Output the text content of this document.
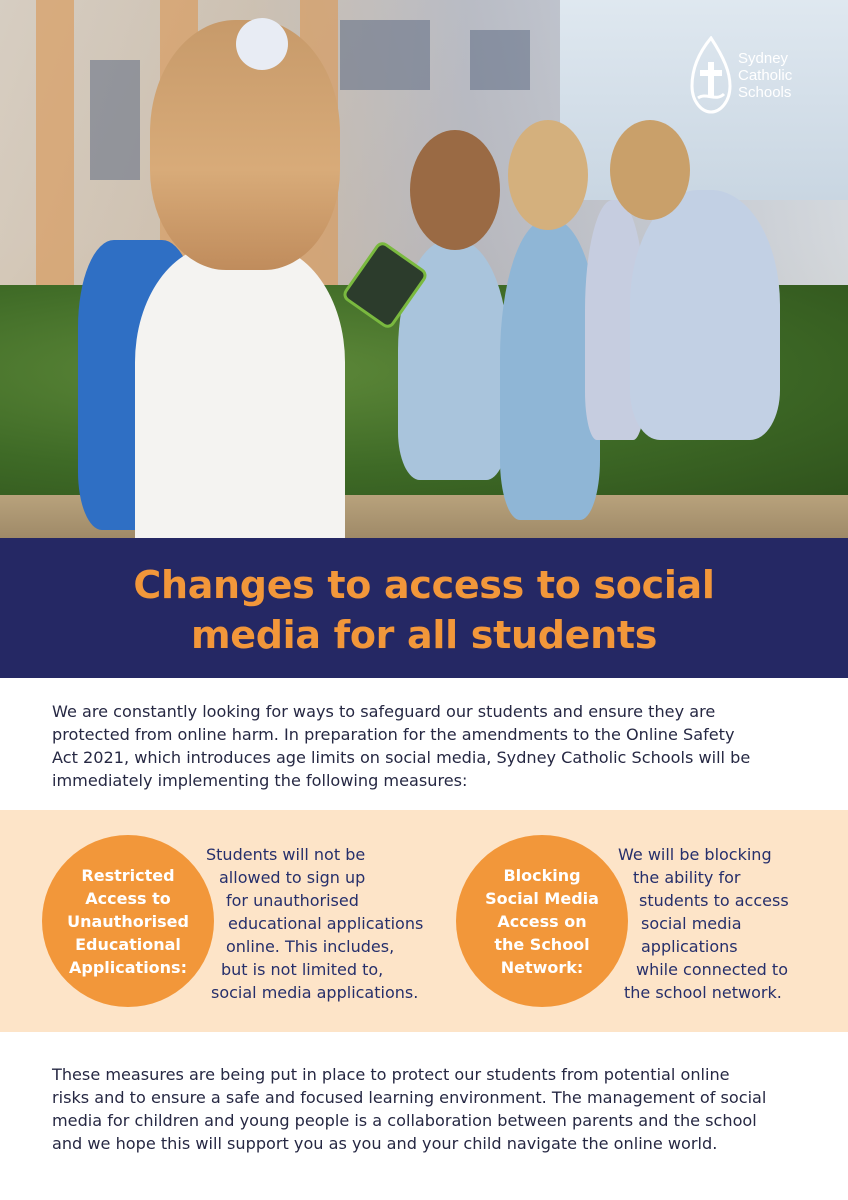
Sydney
Catholic
Schools
Changes to access to social
media for all students

We are constantly looking for ways to safeguard our students and ensure they are
protected from online harm. In preparation for the amendments to the Online Safety
Act 2021, which introduces age limits on social media, Sydney Catholic Schools will be
immediately implementing the following measures:

Restricted
Access to
Unauthorised
Educational
Applications:
Students will not be
allowed to sign up
for unauthorised
educational applications
online. This includes,
but is not limited to,
social media applications.
Blocking
Social Media
Access on
the School
Network:
We will be blocking
the ability for
students to access
social media
applications
while connected to
the school network.

These measures are being put in place to protect our students from potential online
risks and to ensure a safe and focused learning environment. The management of social
media for children and young people is a collaboration between parents and the school
and we hope this will support you as you and your child navigate the online world.
